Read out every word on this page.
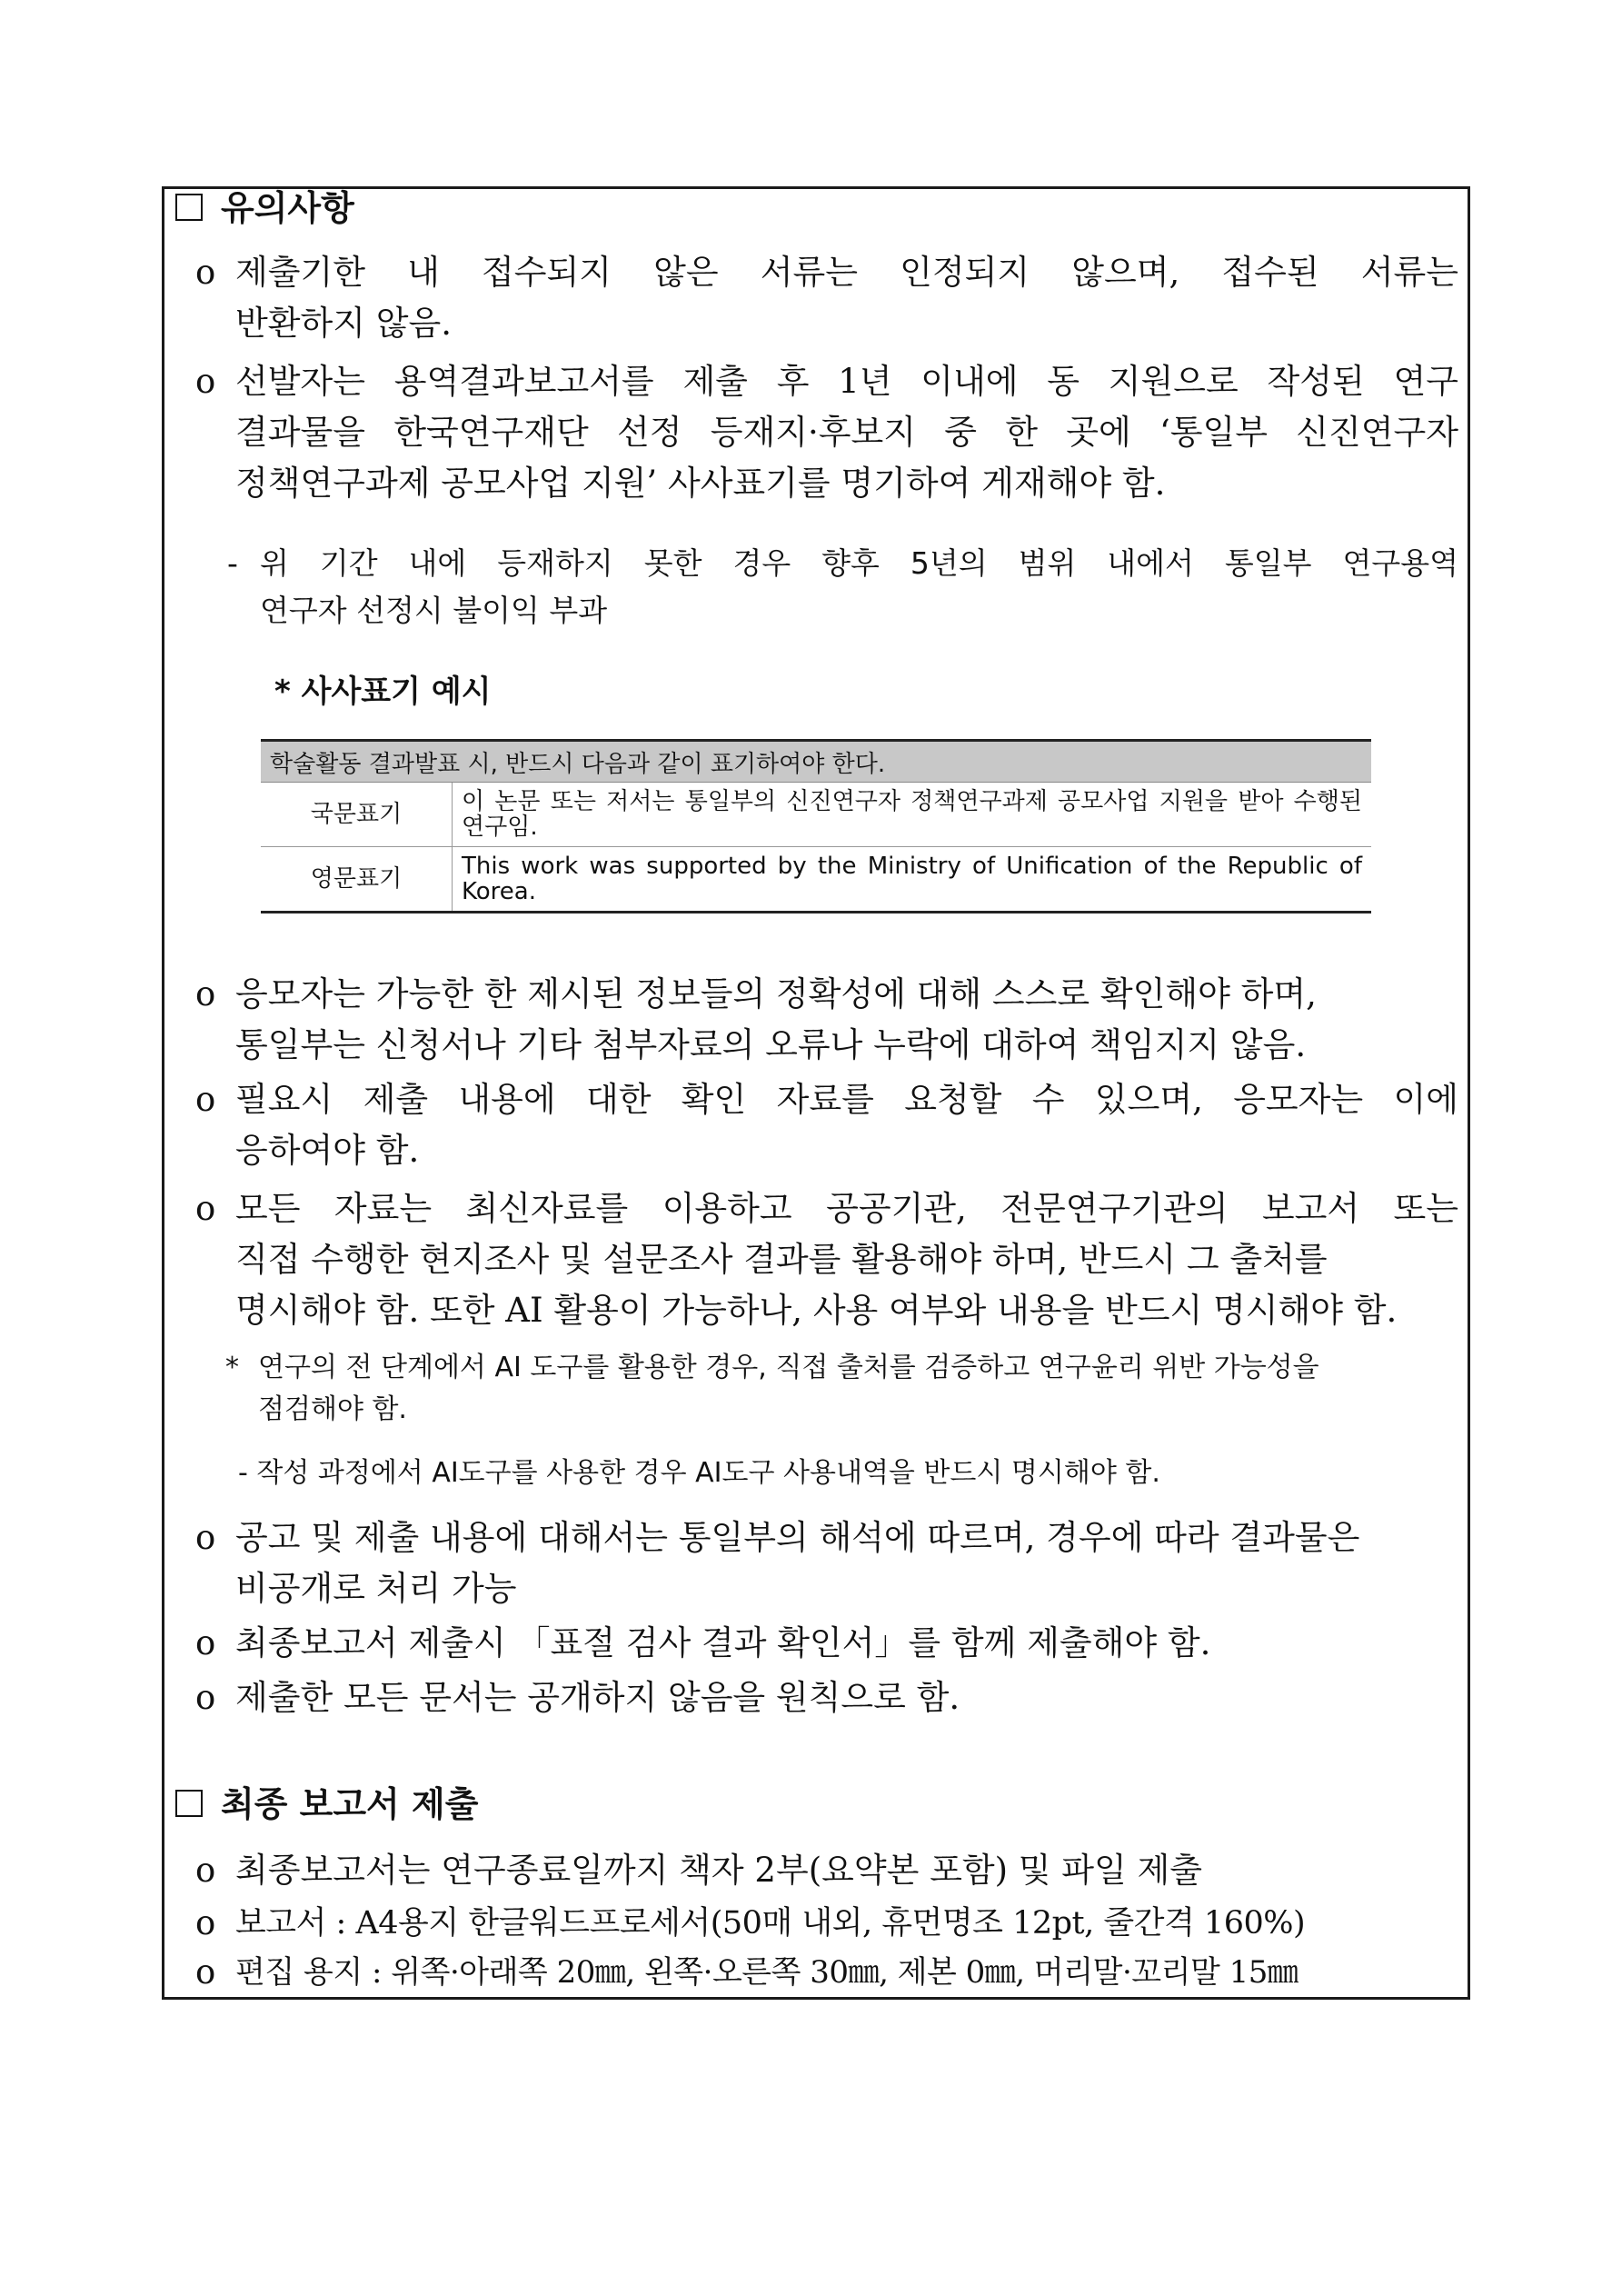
유의사항
o 제출기한 내 접수되지 않은 서류는 인정되지 않으며, 접수된 서류는
반환하지 않음.
o 선발자는 용역결과보고서를 제출 후 1년 이내에 동 지원으로 작성된 연구
결과물을 한국연구재단 선정 등재지·후보지 중 한 곳에 ‘통일부 신진연구자
정책연구과제 공모사업 지원’ 사사표기를 명기하여 게재해야 함.
- 위 기간 내에 등재하지 못한 경우 향후 5년의 범위 내에서 통일부 연구용역
연구자 선정시 불이익 부과
* 사사표기 예시
학술활동 결과발표 시, 반드시 다음과 같이 표기하여야 한다.	
국문표기	이 논문 또는 저서는 통일부의 신진연구자 정책연구과제 공모사업 지원을 받아 수행된 연구임.
영문표기	This work was supported by the Ministry of Unification of the Republic of Korea.
o 응모자는 가능한 한 제시된 정보들의 정확성에 대해 스스로 확인해야 하며,
통일부는 신청서나 기타 첨부자료의 오류나 누락에 대하여 책임지지 않음.
o 필요시 제출 내용에 대한 확인 자료를 요청할 수 있으며, 응모자는 이에
응하여야 함.
o 모든 자료는 최신자료를 이용하고 공공기관, 전문연구기관의 보고서 또는
직접 수행한 현지조사 및 설문조사 결과를 활용해야 하며, 반드시 그 출처를
명시해야 함. 또한 AI 활용이 가능하나, 사용 여부와 내용을 반드시 명시해야 함.
* 연구의 전 단계에서 AI 도구를 활용한 경우, 직접 출처를 검증하고 연구윤리 위반 가능성을
점검해야 함.
- 작성 과정에서 AI도구를 사용한 경우 AI도구 사용내역을 반드시 명시해야 함.
o 공고 및 제출 내용에 대해서는 통일부의 해석에 따르며, 경우에 따라 결과물은
비공개로 처리 가능
o 최종보고서 제출시 「표절 검사 결과 확인서」를 함께 제출해야 함.
o 제출한 모든 문서는 공개하지 않음을 원칙으로 함.
최종 보고서 제출
o 최종보고서는 연구종료일까지 책자 2부(요약본 포함) 및 파일 제출
o 보고서 : A4용지 한글워드프로세서(50매 내외, 휴먼명조 12pt, 줄간격 160%)
o 편집 용지 : 위쪽·아래쪽 20㎜, 왼쪽·오른쪽 30㎜, 제본 0㎜, 머리말·꼬리말 15㎜
